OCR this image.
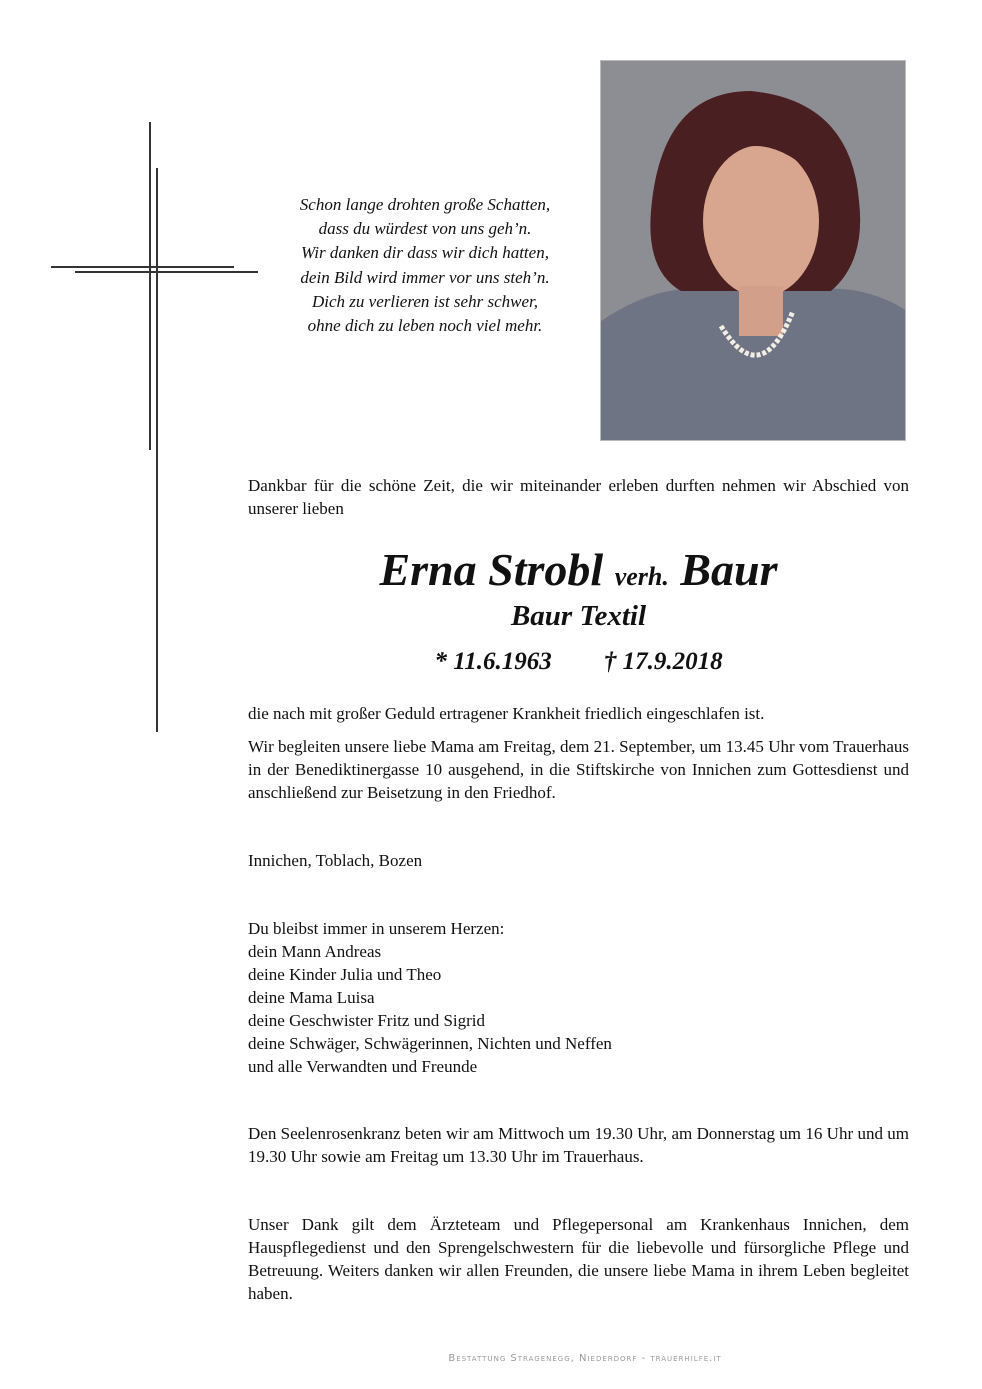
Schon lange drohten große Schatten,
dass du würdest von uns geh’n.
Wir danken dir dass wir dich hatten,
dein Bild wird immer vor uns steh’n.
Dich zu verlieren ist sehr schwer,
ohne dich zu leben noch viel mehr.
Dankbar für die schöne Zeit, die wir miteinander erleben durften nehmen wir Abschied von unserer lieben
Erna Strobl verh. Baur
Baur Textil
* 11.6.1963 † 17.9.2018
die nach mit großer Geduld ertragener Krankheit friedlich eingeschlafen ist.
Wir begleiten unsere liebe Mama am Freitag, dem 21. September, um 13.45 Uhr vom Trauerhaus in der Benediktinergasse 10 ausgehend, in die Stiftskirche von Innichen zum Gottesdienst und anschließend zur Beisetzung in den Friedhof.
Innichen, Toblach, Bozen
Du bleibst immer in unserem Herzen:
dein Mann Andreas
deine Kinder Julia und Theo
deine Mama Luisa
deine Geschwister Fritz und Sigrid
deine Schwäger, Schwägerinnen, Nichten und Neffen
und alle Verwandten und Freunde
Den Seelenrosenkranz beten wir am Mittwoch um 19.30 Uhr, am Donnerstag um 16 Uhr und um 19.30 Uhr sowie am Freitag um 13.30 Uhr im Trauerhaus.
Unser Dank gilt dem Ärzteteam und Pflegepersonal am Krankenhaus Innichen, dem Hauspflegedienst und den Sprengelschwestern für die liebevolle und fürsorgliche Pflege und Betreuung. Weiters danken wir allen Freunden, die unsere liebe Mama in ihrem Leben begleitet haben.
Bestattung Stragenegg, Niederdorf - trauerhilfe.it
